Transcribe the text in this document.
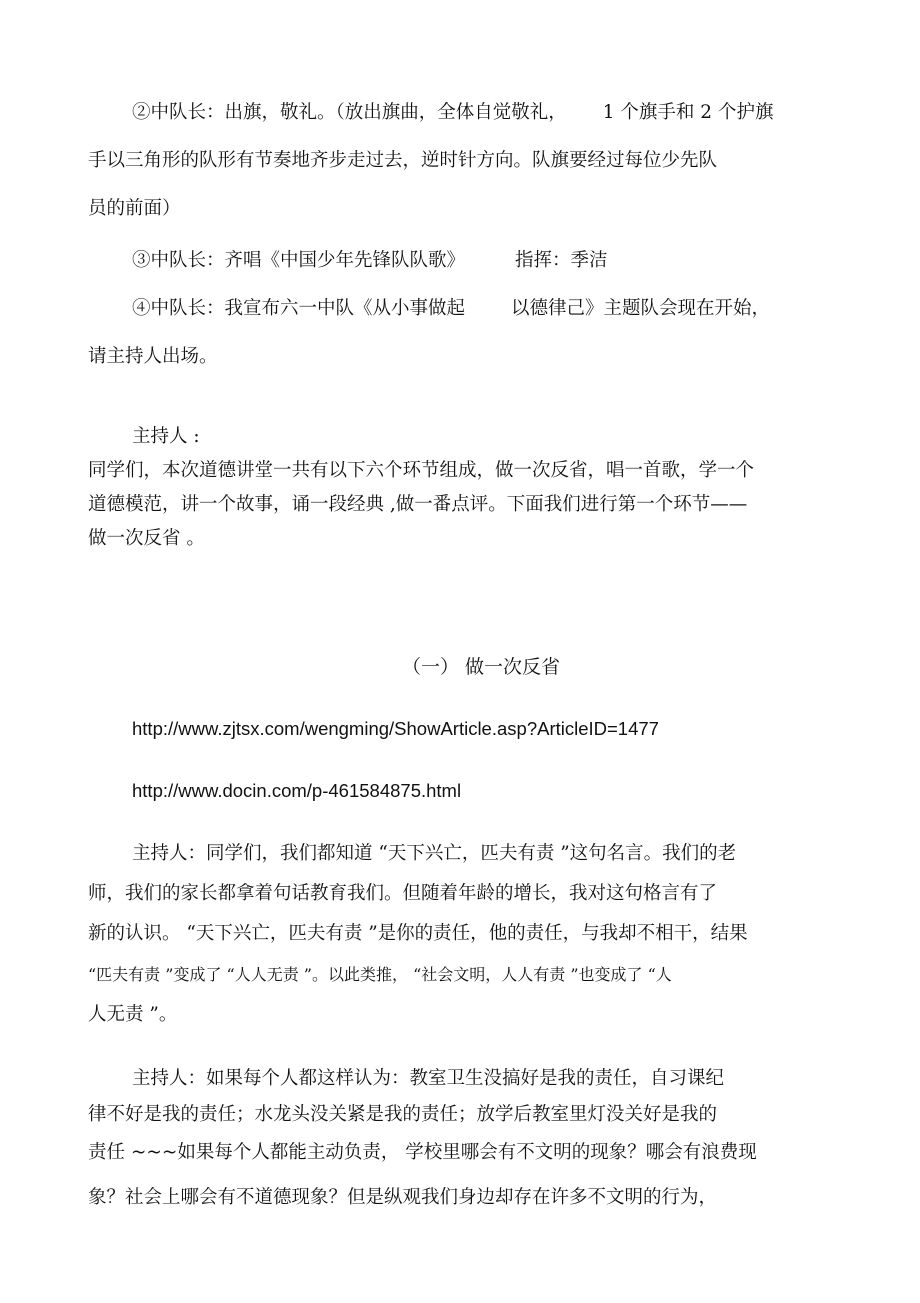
②中队长：出旗，敬礼。（放出旗曲，全体自觉敬礼， 1 个旗手和 2 个护旗

手以三角形的队形有节奏地齐步走过去，逆时针方向。队旗要经过每位少先队

员的前面）

③中队长：齐唱《中国少年先锋队队歌》	指挥：季洁

④中队长：我宣布六一中队《从小事做起 以德律己》主题队会现在开始，

请主持人出场。

主持人 :

同学们，本次道德讲堂一共有以下六个环节组成，做一次反省，唱一首歌，学一个

道德模范，讲一个故事，诵一段经典 ,做一番点评。下面我们进行第一个环节——

做一次反省 。

（一） 做一次反省

http://www.zjtsx.com/wengming/ShowArticle.asp?ArticleID=1477

http://www.docin.com/p-461584875.html

主持人：同学们，我们都知道 “天下兴亡，匹夫有责 ”这句名言。我们的老

师，我们的家长都拿着句话教育我们。但随着年龄的增长，我对这句格言有了

新的认识。 “天下兴亡，匹夫有责 ”是你的责任，他的责任，与我却不相干，结果

“匹夫有责 ”变成了 “人人无责 ”。以此类推， “社会文明，人人有责 ”也变成了 “人

人无责 ”。

主持人：如果每个人都这样认为：教室卫生没搞好是我的责任，自习课纪

律不好是我的责任；水龙头没关紧是我的责任；放学后教室里灯没关好是我的

责任 ~~~如果每个人都能主动负责， 学校里哪会有不文明的现象？哪会有浪费现

象？社会上哪会有不道德现象？但是纵观我们身边却存在许多不文明的行为，
